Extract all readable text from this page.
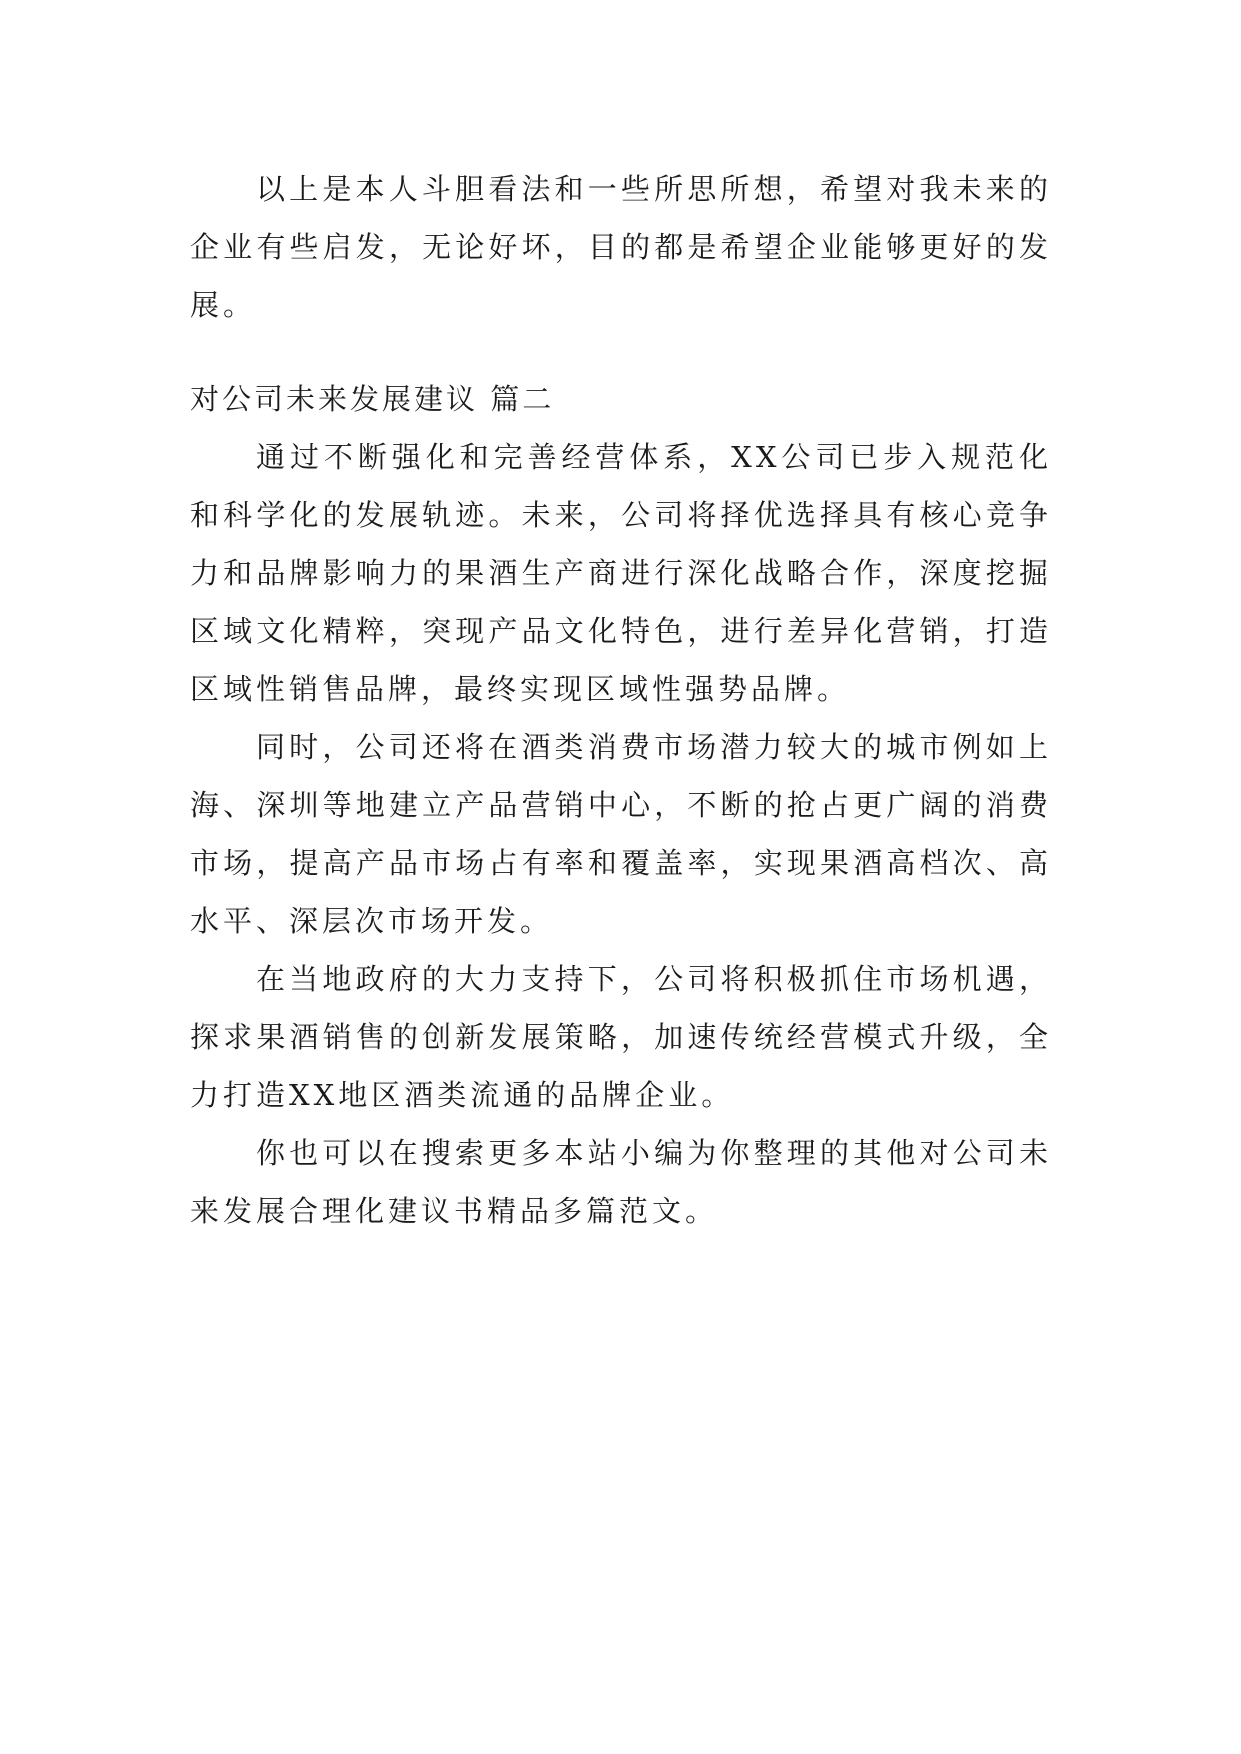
以上是本人斗胆看法和一些所思所想，希望对我未来的企业有些启发，无论好坏，目的都是希望企业能够更好的发展。

对公司未来发展建议 篇二

通过不断强化和完善经营体系，XX公司已步入规范化和科学化的发展轨迹。未来，公司将择优选择具有核心竞争力和品牌影响力的果酒生产商进行深化战略合作，深度挖掘区域文化精粹，突现产品文化特色，进行差异化营销，打造区域性销售品牌，最终实现区域性强势品牌。

同时，公司还将在酒类消费市场潜力较大的城市例如上海、深圳等地建立产品营销中心，不断的抢占更广阔的消费市场，提高产品市场占有率和覆盖率，实现果酒高档次、高水平、深层次市场开发。

在当地政府的大力支持下，公司将积极抓住市场机遇，探求果酒销售的创新发展策略，加速传统经营模式升级，全力打造XX地区酒类流通的品牌企业。

你也可以在搜索更多本站小编为你整理的其他对公司未来发展合理化建议书精品多篇范文。
